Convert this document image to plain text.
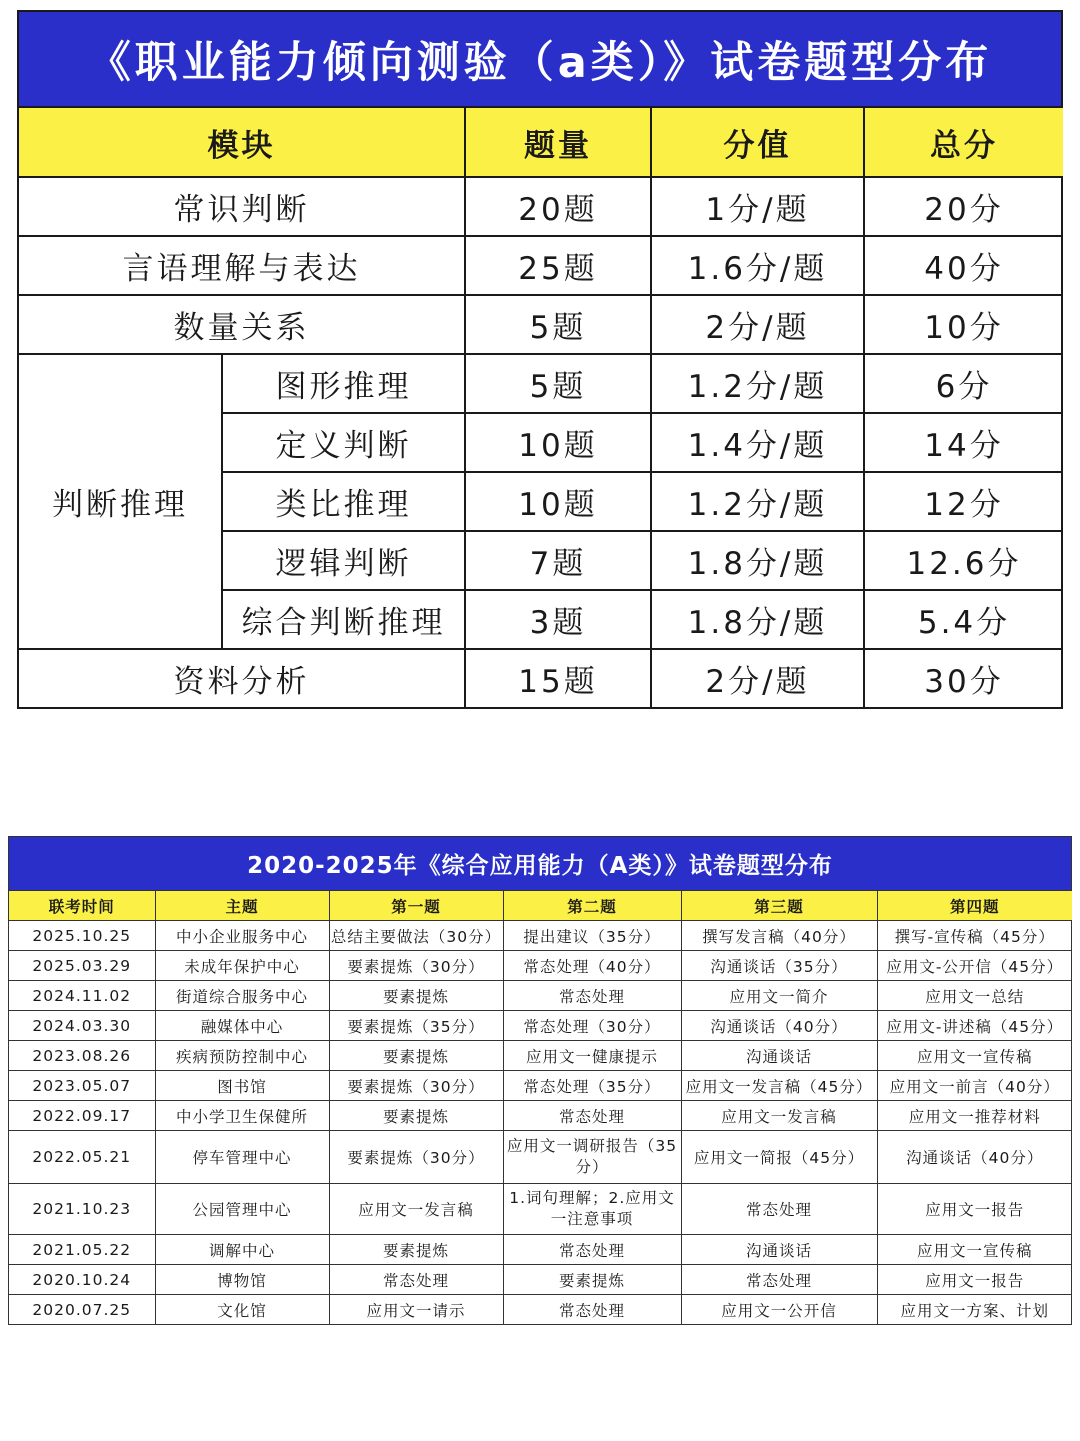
《职业能力倾向测验（a类）》试卷题型分布
模块		题量	分值	总分
常识判断		20题	1分/题	20分
言语理解与表达		25题	1.6分/题	40分
数量关系		5题	2分/题	10分
判断推理	图形推理	5题	1.2分/题	6分
	定义判断	10题	1.4分/题	14分
	类比推理	10题	1.2分/题	12分
	逻辑判断	7题	1.8分/题	12.6分
	综合判断推理	3题	1.8分/题	5.4分
资料分析		15题	2分/题	30分
2020-2025年《综合应用能力（A类）》试卷题型分布
联考时间	主题	第一题	第二题	第三题	第四题
2025.10.25	中小企业服务中心	总结主要做法（30分）	提出建议（35分）	撰写发言稿（40分）	撰写-宣传稿（45分）
2025.03.29	未成年保护中心	要素提炼（30分）	常态处理（40分）	沟通谈话（35分）	应用文-公开信（45分）
2024.11.02	街道综合服务中心	要素提炼	常态处理	应用文一简介	应用文一总结
2024.03.30	融媒体中心	要素提炼（35分）	常态处理（30分）	沟通谈话（40分）	应用文-讲述稿（45分）
2023.08.26	疾病预防控制中心	要素提炼	应用文一健康提示	沟通谈话	应用文一宣传稿
2023.05.07	图书馆	要素提炼（30分）	常态处理（35分）	应用文一发言稿（45分）	应用文一前言（40分）
2022.09.17	中小学卫生保健所	要素提炼	常态处理	应用文一发言稿	应用文一推荐材料
2022.05.21	停车管理中心	要素提炼（30分）	应用文一调研报告（35分）	应用文一简报（45分）	沟通谈话（40分）
2021.10.23	公园管理中心	应用文一发言稿	1.词句理解；2.应用文一注意事项	常态处理	应用文一报告
2021.05.22	调解中心	要素提炼	常态处理	沟通谈话	应用文一宣传稿
2020.10.24	博物馆	常态处理	要素提炼	常态处理	应用文一报告
2020.07.25	文化馆	应用文一请示	常态处理	应用文一公开信	应用文一方案、计划
